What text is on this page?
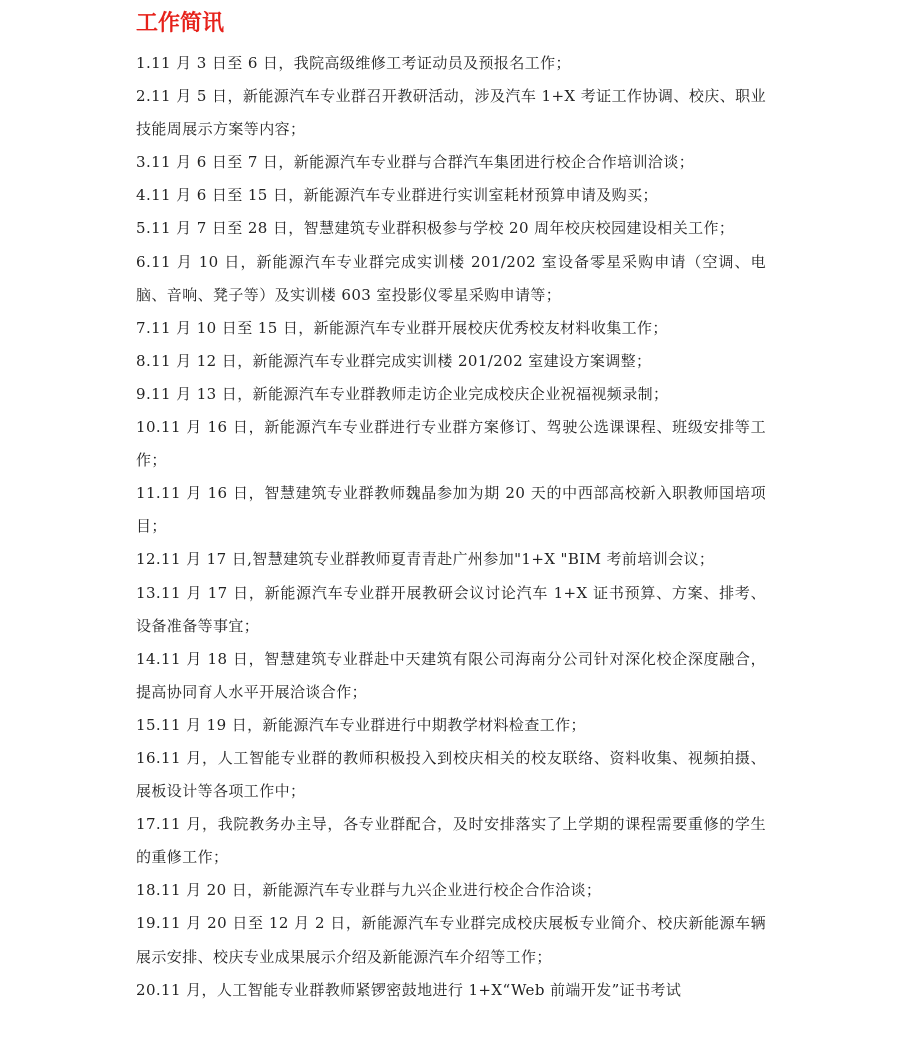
工作简讯

1.11 月 3 日至 6 日，我院高级维修工考证动员及预报名工作；

2.11 月 5 日，新能源汽车专业群召开教研活动，涉及汽车 1+X 考证工作协调、校庆、职业技能周展示方案等内容；

3.11 月 6 日至 7 日，新能源汽车专业群与合群汽车集团进行校企合作培训洽谈；

4.11 月 6 日至 15 日，新能源汽车专业群进行实训室耗材预算申请及购买；

5.11 月 7 日至 28 日，智慧建筑专业群积极参与学校 20 周年校庆校园建设相关工作；

6.11 月 10 日，新能源汽车专业群完成实训楼 201/202 室设备零星采购申请（空调、电脑、音响、凳子等）及实训楼 603 室投影仪零星采购申请等；

7.11 月 10 日至 15 日，新能源汽车专业群开展校庆优秀校友材料收集工作；

8.11 月 12 日，新能源汽车专业群完成实训楼 201/202 室建设方案调整；

9.11 月 13 日，新能源汽车专业群教师走访企业完成校庆企业祝福视频录制；

10.11 月 16 日，新能源汽车专业群进行专业群方案修订、驾驶公选课课程、班级安排等工作；

11.11 月 16 日，智慧建筑专业群教师魏晶参加为期 20 天的中西部高校新入职教师国培项目；

12.11 月 17 日,智慧建筑专业群教师夏青青赴广州参加"1+X "BIM 考前培训会议；

13.11 月 17 日，新能源汽车专业群开展教研会议讨论汽车 1+X 证书预算、方案、排考、设备准备等事宜；

14.11 月 18 日，智慧建筑专业群赴中天建筑有限公司海南分公司针对深化校企深度融合，提高协同育人水平开展洽谈合作；

15.11 月 19 日，新能源汽车专业群进行中期教学材料检查工作；

16.11 月，人工智能专业群的教师积极投入到校庆相关的校友联络、资料收集、视频拍摄、展板设计等各项工作中；

17.11 月，我院教务办主导，各专业群配合，及时安排落实了上学期的课程需要重修的学生的重修工作；

18.11 月 20 日，新能源汽车专业群与九兴企业进行校企合作洽谈；

19.11 月 20 日至 12 月 2 日，新能源汽车专业群完成校庆展板专业简介、校庆新能源车辆展示安排、校庆专业成果展示介绍及新能源汽车介绍等工作；

20.11 月，人工智能专业群教师紧锣密鼓地进行 1+X“Web 前端开发”证书考试
